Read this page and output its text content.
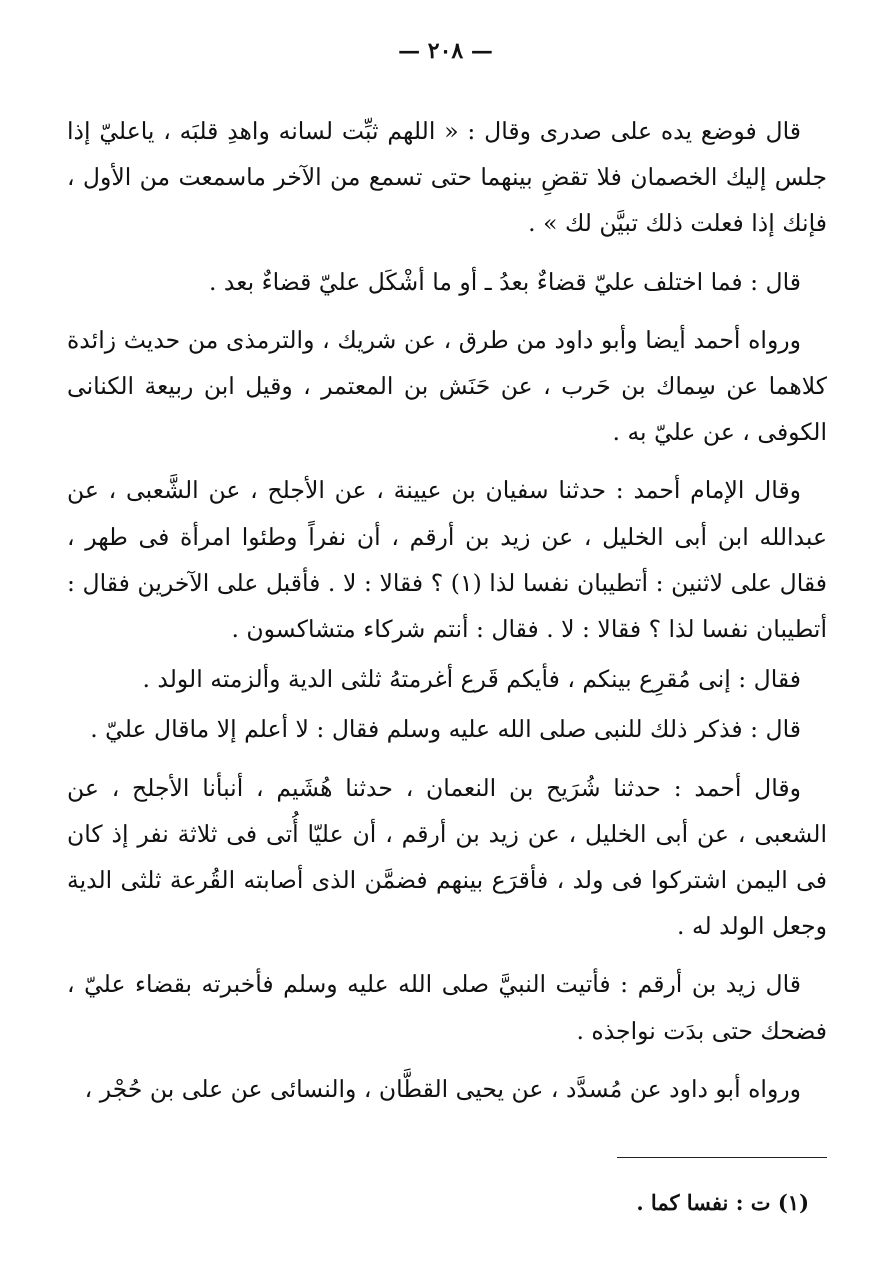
— ٢٠٨ —

قال فوضع يده على صدرى وقال : « اللهم ثبِّت لسانه واهدِ قلبَه ، ياعليّ إذا جلس إليك الخصمان فلا تقضِ بينهما حتى تسمع من الآخر ماسمعت من الأول ، فإنك إذا فعلت ذلك تبيَّن لك » .

قال : فما اختلف عليّ قضاءٌ بعدُ ـ أو ما أشْكَل عليّ قضاءٌ بعد .

ورواه أحمد أيضا وأبو داود من طرق ، عن شريك ، والترمذى من حديث زائدة كلاهما عن سِماك بن حَرب ، عن حَنَش بن المعتمر ، وقيل ابن ربيعة الكنانى الكوفى ، عن عليّ به .

وقال الإمام أحمد : حدثنا سفيان بن عيينة ، عن الأجلح ، عن الشَّعبى ، عن عبدالله ابن أبى الخليل ، عن زيد بن أرقم ، أن نفراً وطئوا امرأة فى طهر ، فقال على لاثنين : أتطيبان نفسا لذا (١) ؟ فقالا : لا . فأقبل على الآخرين فقال : أتطيبان نفسا لذا ؟ فقالا : لا . فقال : أنتم شركاء متشاكسون .

فقال : إنى مُقرِع بينكم ، فأيكم قَرع أغرمتهُ ثلثى الدية وألزمته الولد .

قال : فذكر ذلك للنبى صلى الله عليه وسلم فقال : لا أعلم إلا ماقال عليّ .

وقال أحمد : حدثنا شُرَيح بن النعمان ، حدثنا هُشَيم ، أنبأنا الأجلح ، عن الشعبى ، عن أبى الخليل ، عن زيد بن أرقم ، أن عليّا أُتى فى ثلاثة نفر إذ كان فى اليمن اشتركوا فى ولد ، فأقرَع بينهم فضمَّن الذى أصابته القُرعة ثلثى الدية وجعل الولد له .

قال زيد بن أرقم : فأتيت النبيَّ صلى الله عليه وسلم فأخبرته بقضاء عليّ ، فضحك حتى بدَت نواجذه .

ورواه أبو داود عن مُسدَّد ، عن يحيى القطَّان ، والنسائى عن على بن حُجْر ،

(١) ت : نفسا كما .
